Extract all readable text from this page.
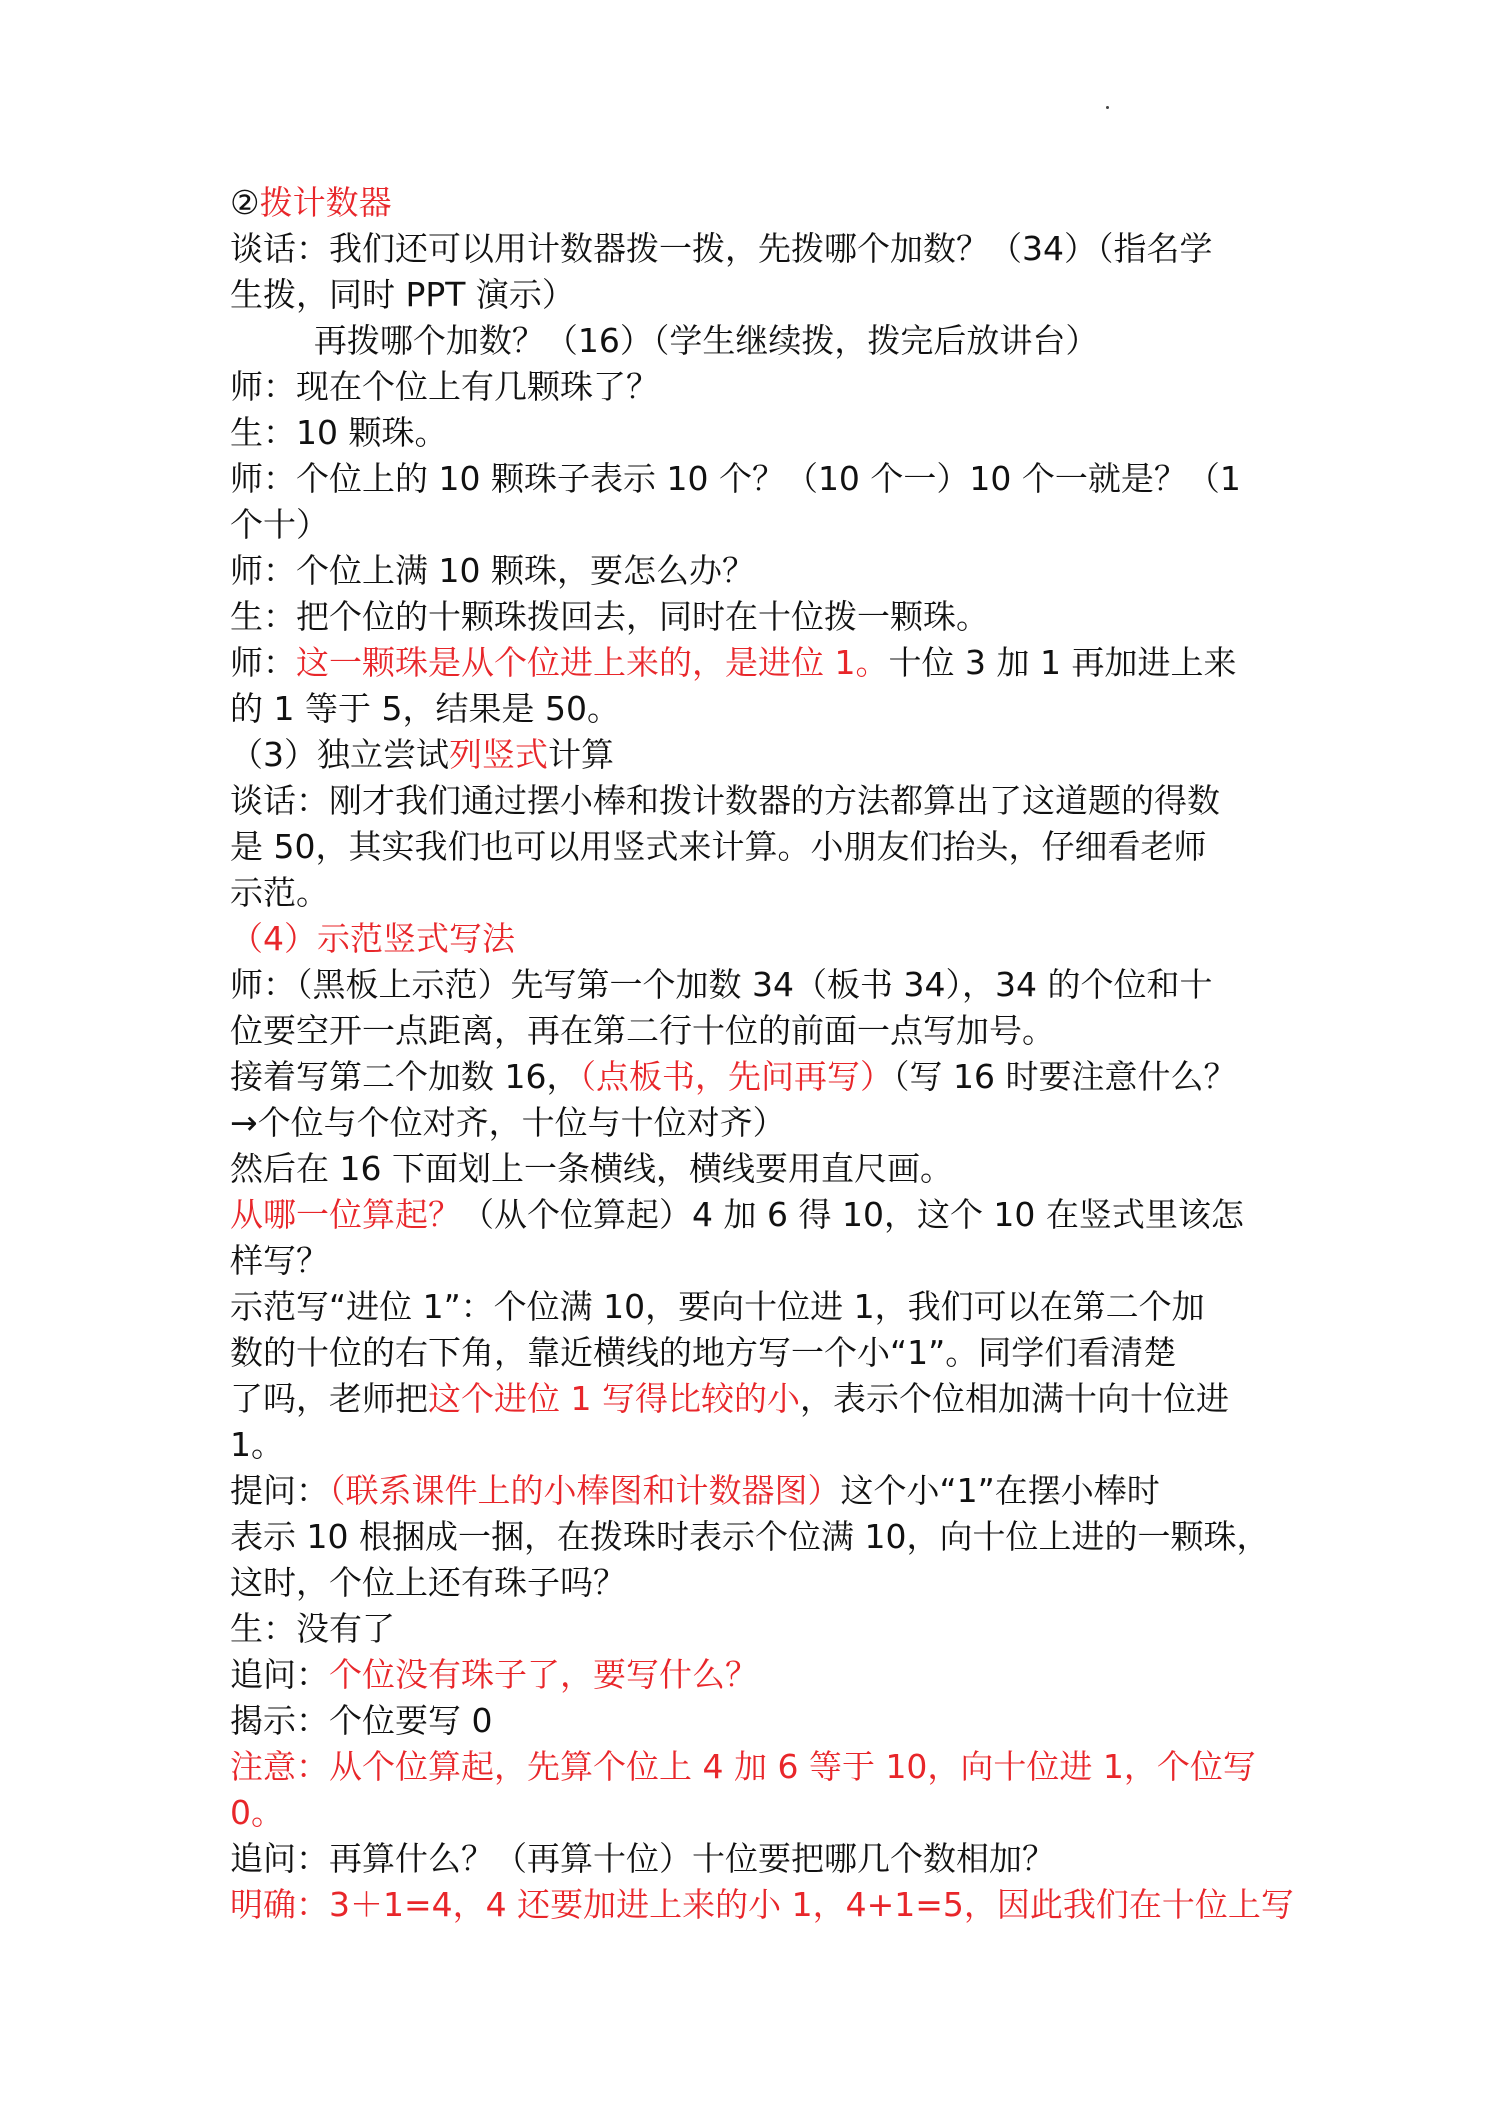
②拨计数器
谈话：我们还可以用计数器拨一拨，先拨哪个加数？（34）（指名学
生拨，同时 PPT 演示）
再拨哪个加数？（16）（学生继续拨，拨完后放讲台）
师：现在个位上有几颗珠了？
生：10 颗珠。
师：个位上的 10 颗珠子表示 10 个？（10 个一）10 个一就是？（1
个十）
师：个位上满 10 颗珠，要怎么办？
生：把个位的十颗珠拨回去，同时在十位拨一颗珠。
师：这一颗珠是从个位进上来的，是进位 1。十位 3 加 1 再加进上来
的 1 等于 5，结果是 50。
（3）独立尝试列竖式计算
谈话：刚才我们通过摆小棒和拨计数器的方法都算出了这道题的得数
是 50，其实我们也可以用竖式来计算。小朋友们抬头，仔细看老师
示范。
（4）示范竖式写法
师：（黑板上示范）先写第一个加数 34（板书 34），34 的个位和十
位要空开一点距离，再在第二行十位的前面一点写加号。
接着写第二个加数 16，（点板书，先问再写）（写 16 时要注意什么？
→个位与个位对齐，十位与十位对齐）
然后在 16 下面划上一条横线，横线要用直尺画。
从哪一位算起？（从个位算起）4 加 6 得 10，这个 10 在竖式里该怎
样写？
示范写“进位 1”：个位满 10，要向十位进 1，我们可以在第二个加
数的十位的右下角，靠近横线的地方写一个小“1”。同学们看清楚
了吗，老师把这个进位 1 写得比较的小，表示个位相加满十向十位进
1。
提问：（联系课件上的小棒图和计数器图）这个小“1”在摆小棒时
表示 10 根捆成一捆，在拨珠时表示个位满 10，向十位上进的一颗珠，
这时，个位上还有珠子吗？
生：没有了
追问：个位没有珠子了，要写什么？
揭示：个位要写 0
注意：从个位算起，先算个位上 4 加 6 等于 10，向十位进 1，个位写
0。
追问：再算什么？（再算十位）十位要把哪几个数相加？
明确：3＋1=4，4 还要加进上来的小 1，4+1=5，因此我们在十位上写
